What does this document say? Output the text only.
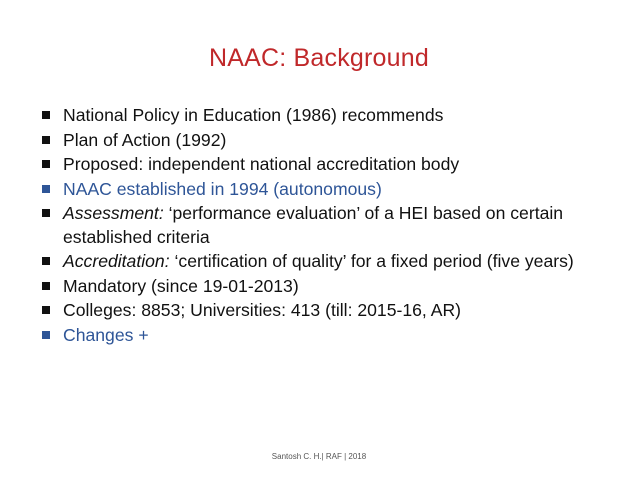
NAAC: Background
National Policy in Education (1986) recommends
Plan of Action (1992)
Proposed: independent national accreditation body
NAAC established in 1994 (autonomous)
Assessment: ‘performance evaluation’ of a HEI based on certain established criteria
Accreditation: ‘certification of quality’ for a fixed period (five years)
Mandatory (since 19-01-2013)
Colleges: 8853; Universities: 413 (till: 2015-16, AR)
Changes +
Santosh C. H.| RAF | 2018
